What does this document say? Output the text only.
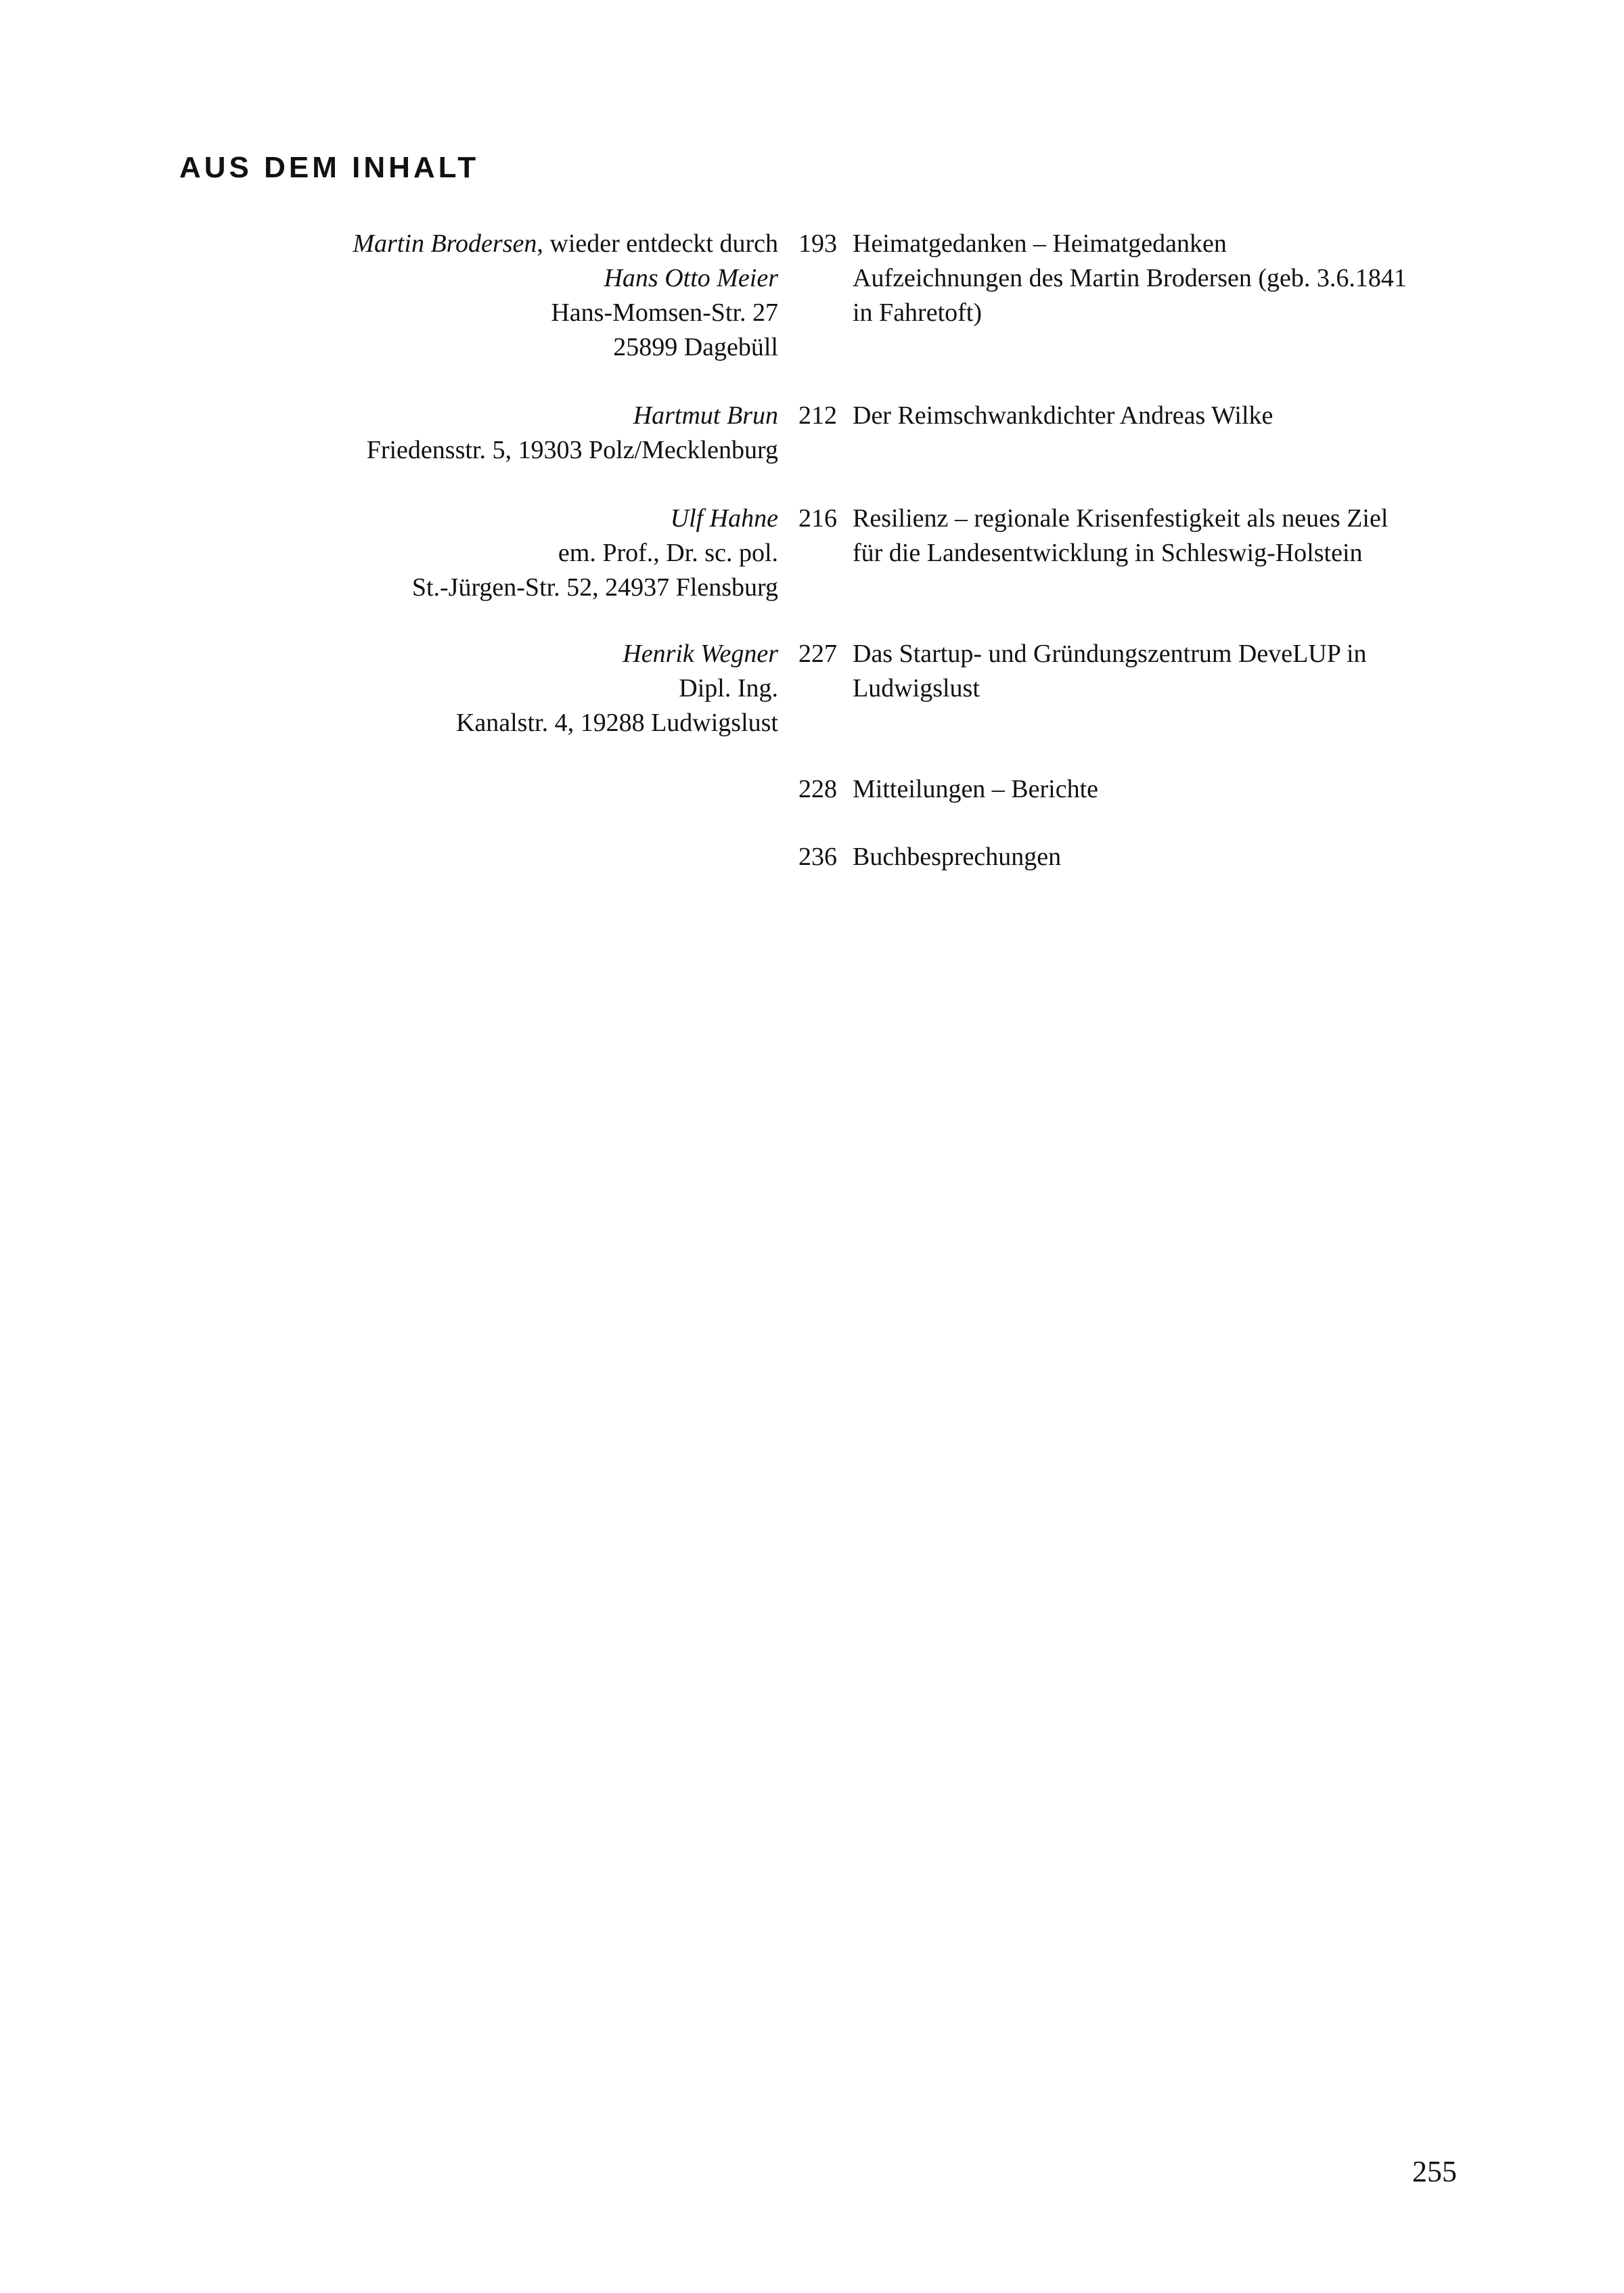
AUS DEM INHALT
Martin Brodersen, wieder entdeckt durch
Hans Otto Meier
Hans-Momsen-Str. 27
25899 Dagebüll
193 Heimatgedanken – Heimatgedanken
Aufzeichnungen des Martin Brodersen (geb. 3.6.1841
in Fahretoft)
Hartmut Brun
Friedensstr. 5, 19303 Polz/Mecklenburg
212 Der Reimschwankdichter Andreas Wilke
Ulf Hahne
em. Prof., Dr. sc. pol.
St.-Jürgen-Str. 52, 24937 Flensburg
216 Resilienz – regionale Krisenfestigkeit als neues Ziel
für die Landesentwicklung in Schleswig-Holstein
Henrik Wegner
Dipl. Ing.
Kanalstr. 4, 19288 Ludwigslust
227 Das Startup- und Gründungszentrum DeveLUP in
Ludwigslust
228 Mitteilungen – Berichte
236 Buchbesprechungen
255
